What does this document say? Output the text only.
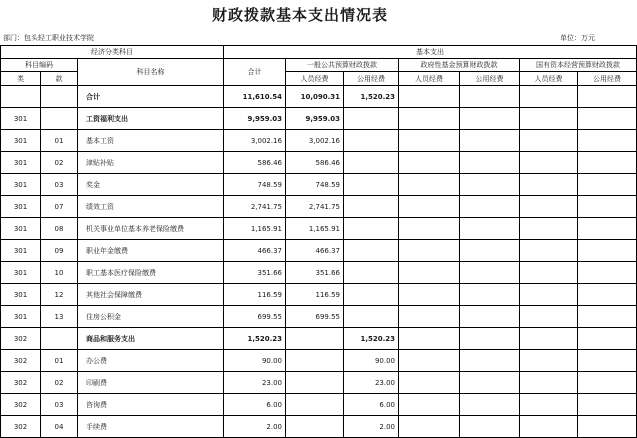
财政拨款基本支出情况表
部门：包头轻工职业技术学院	单位：万元
经济分类科目			基本支出						
科目编码		科目名称	合计	一般公共预算财政拨款		政府性基金预算财政拨款		国有资本经营预算财政拨款	
类	款			人员经费	公用经费	人员经费	公用经费	人员经费	公用经费
		合计	11,610.54	10,090.31	1,520.23				
301		工资福利支出	9,959.03	9,959.03					
301	01	基本工资	3,002.16	3,002.16					
301	02	津贴补贴	586.46	586.46					
301	03	奖金	748.59	748.59					
301	07	绩效工资	2,741.75	2,741.75					
301	08	机关事业单位基本养老保险缴费	1,165.91	1,165.91					
301	09	职业年金缴费	466.37	466.37					
301	10	职工基本医疗保险缴费	351.66	351.66					
301	12	其他社会保障缴费	116.59	116.59					
301	13	住房公积金	699.55	699.55					
302		商品和服务支出	1,520.23		1,520.23				
302	01	办公费	90.00		90.00				
302	02	印刷费	23.00		23.00				
302	03	咨询费	6.00		6.00				
302	04	手续费	2.00		2.00				
